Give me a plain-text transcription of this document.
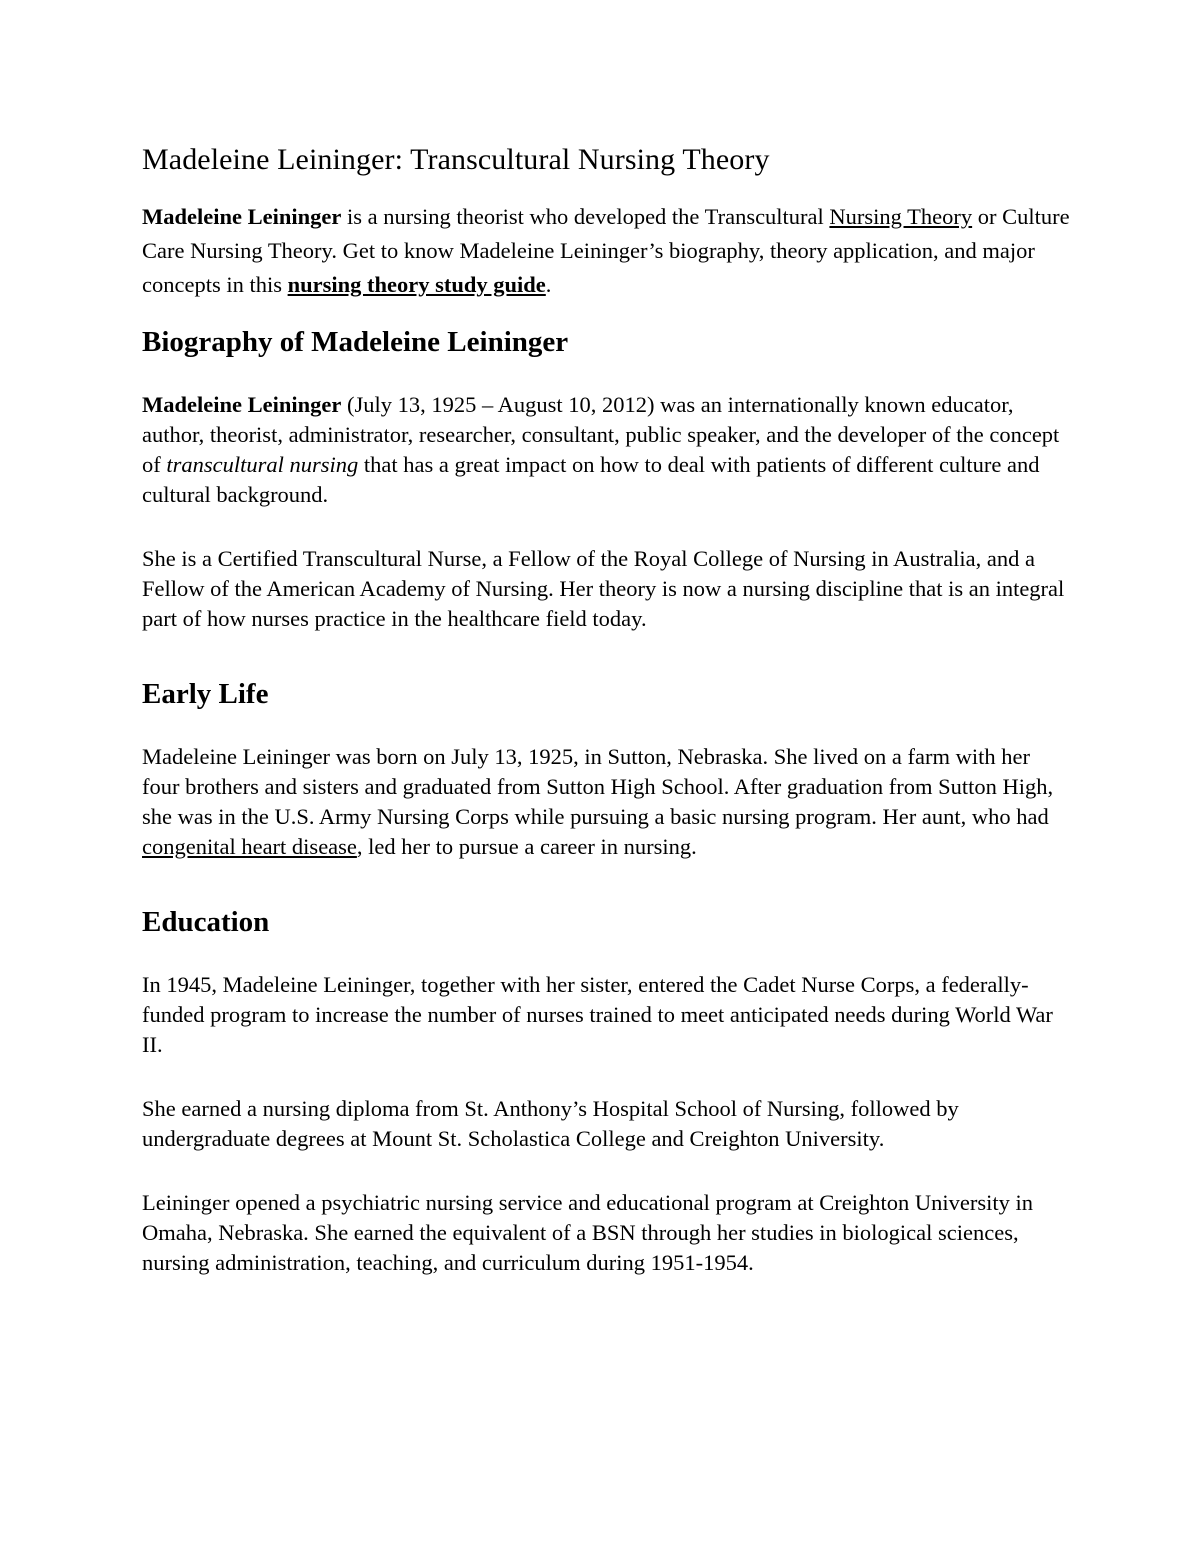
Madeleine Leininger: Transcultural Nursing Theory

Madeleine Leininger is a nursing theorist who developed the Transcultural Nursing Theory or Culture Care Nursing Theory. Get to know Madeleine Leininger’s biography, theory application, and major concepts in this nursing theory study guide.

Biography of Madeleine Leininger

Madeleine Leininger (July 13, 1925 – August 10, 2012) was an internationally known educator, author, theorist, administrator, researcher, consultant, public speaker, and the developer of the concept of transcultural nursing that has a great impact on how to deal with patients of different culture and cultural background.

She is a Certified Transcultural Nurse, a Fellow of the Royal College of Nursing in Australia, and a Fellow of the American Academy of Nursing. Her theory is now a nursing discipline that is an integral part of how nurses practice in the healthcare field today.

Early Life

Madeleine Leininger was born on July 13, 1925, in Sutton, Nebraska. She lived on a farm with her four brothers and sisters and graduated from Sutton High School. After graduation from Sutton High, she was in the U.S. Army Nursing Corps while pursuing a basic nursing program. Her aunt, who had congenital heart disease, led her to pursue a career in nursing.

Education

In 1945, Madeleine Leininger, together with her sister, entered the Cadet Nurse Corps, a federally-funded program to increase the number of nurses trained to meet anticipated needs during World War II.

She earned a nursing diploma from St. Anthony’s Hospital School of Nursing, followed by undergraduate degrees at Mount St. Scholastica College and Creighton University.

Leininger opened a psychiatric nursing service and educational program at Creighton University in Omaha, Nebraska. She earned the equivalent of a BSN through her studies in biological sciences, nursing administration, teaching, and curriculum during 1951-1954.
